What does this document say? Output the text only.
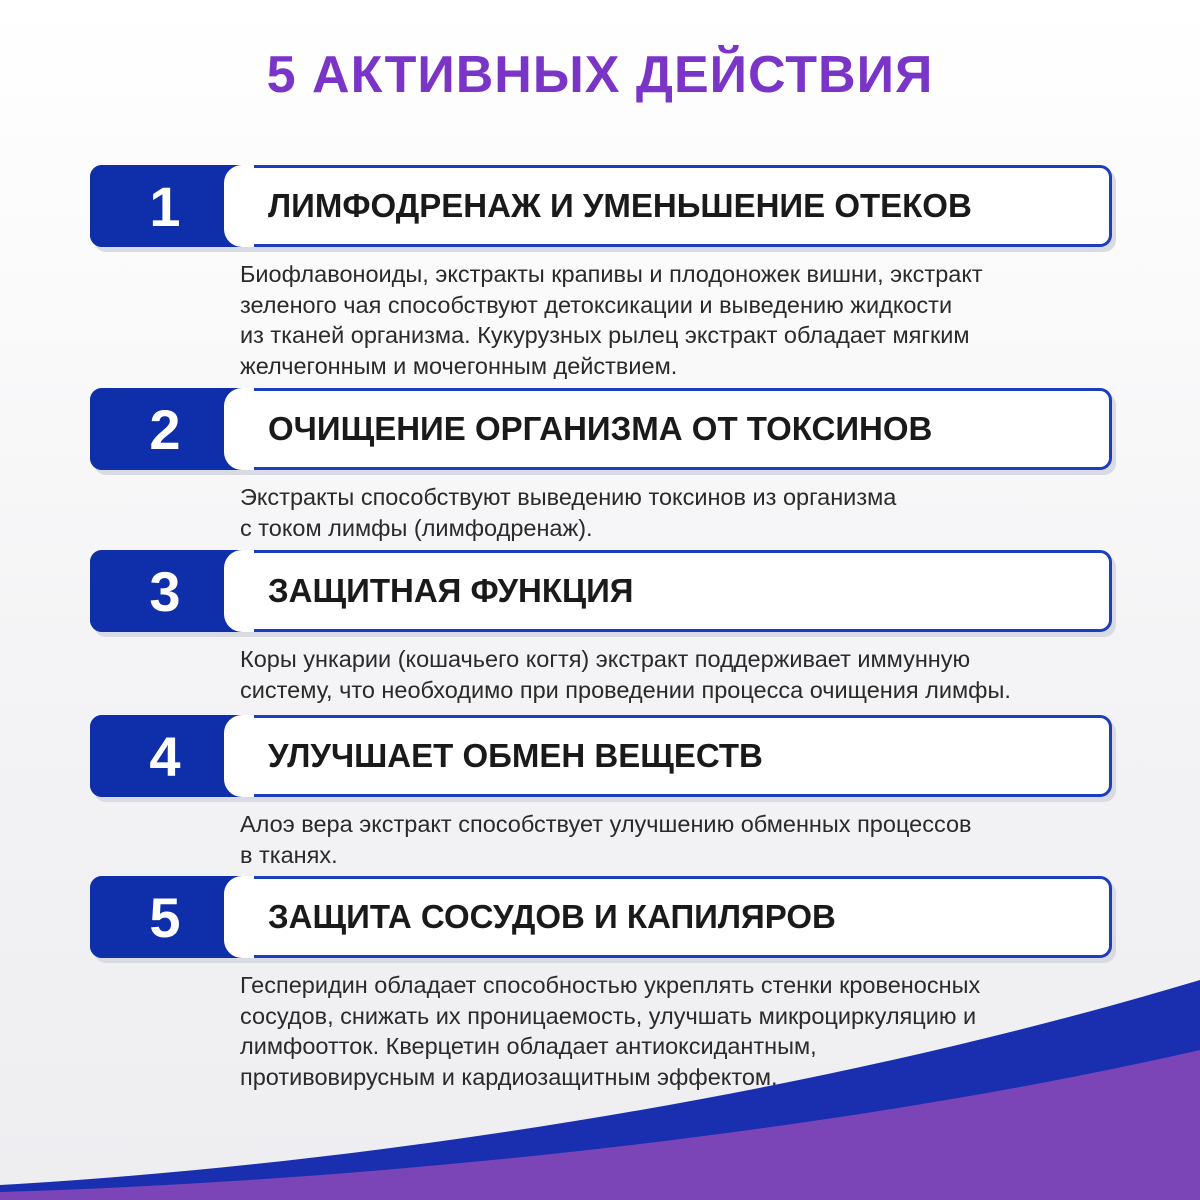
5 АКТИВНЫХ ДЕЙСТВИЯ
1	ЛИМФОДРЕНАЖ И УМЕНЬШЕНИЕ ОТЕКОВ
Биофлавоноиды, экстракты крапивы и плодоножек вишни, экстракт
зеленого чая способствуют детоксикации и выведению жидкости
из тканей организма. Кукурузных рылец экстракт обладает мягким
желчегонным и мочегонным действием.
2	ОЧИЩЕНИЕ ОРГАНИЗМА ОТ ТОКСИНОВ
Экстракты способствуют выведению токсинов из организма
с током лимфы (лимфодренаж).
3	ЗАЩИТНАЯ ФУНКЦИЯ
Коры ункарии (кошачьего когтя) экстракт поддерживает иммунную
систему, что необходимо при проведении процесса очищения лимфы.
4	УЛУЧШАЕТ ОБМЕН ВЕЩЕСТВ
Алоэ вера экстракт способствует улучшению обменных процессов
в тканях.
5	ЗАЩИТА СОСУДОВ И КАПИЛЯРОВ
Гесперидин обладает способностью укреплять стенки кровеносных
сосудов, снижать их проницаемость, улучшать микроциркуляцию и
лимфоотток. Кверцетин обладает антиоксидантным,
противовирусным и кардиозащитным эффектом.
